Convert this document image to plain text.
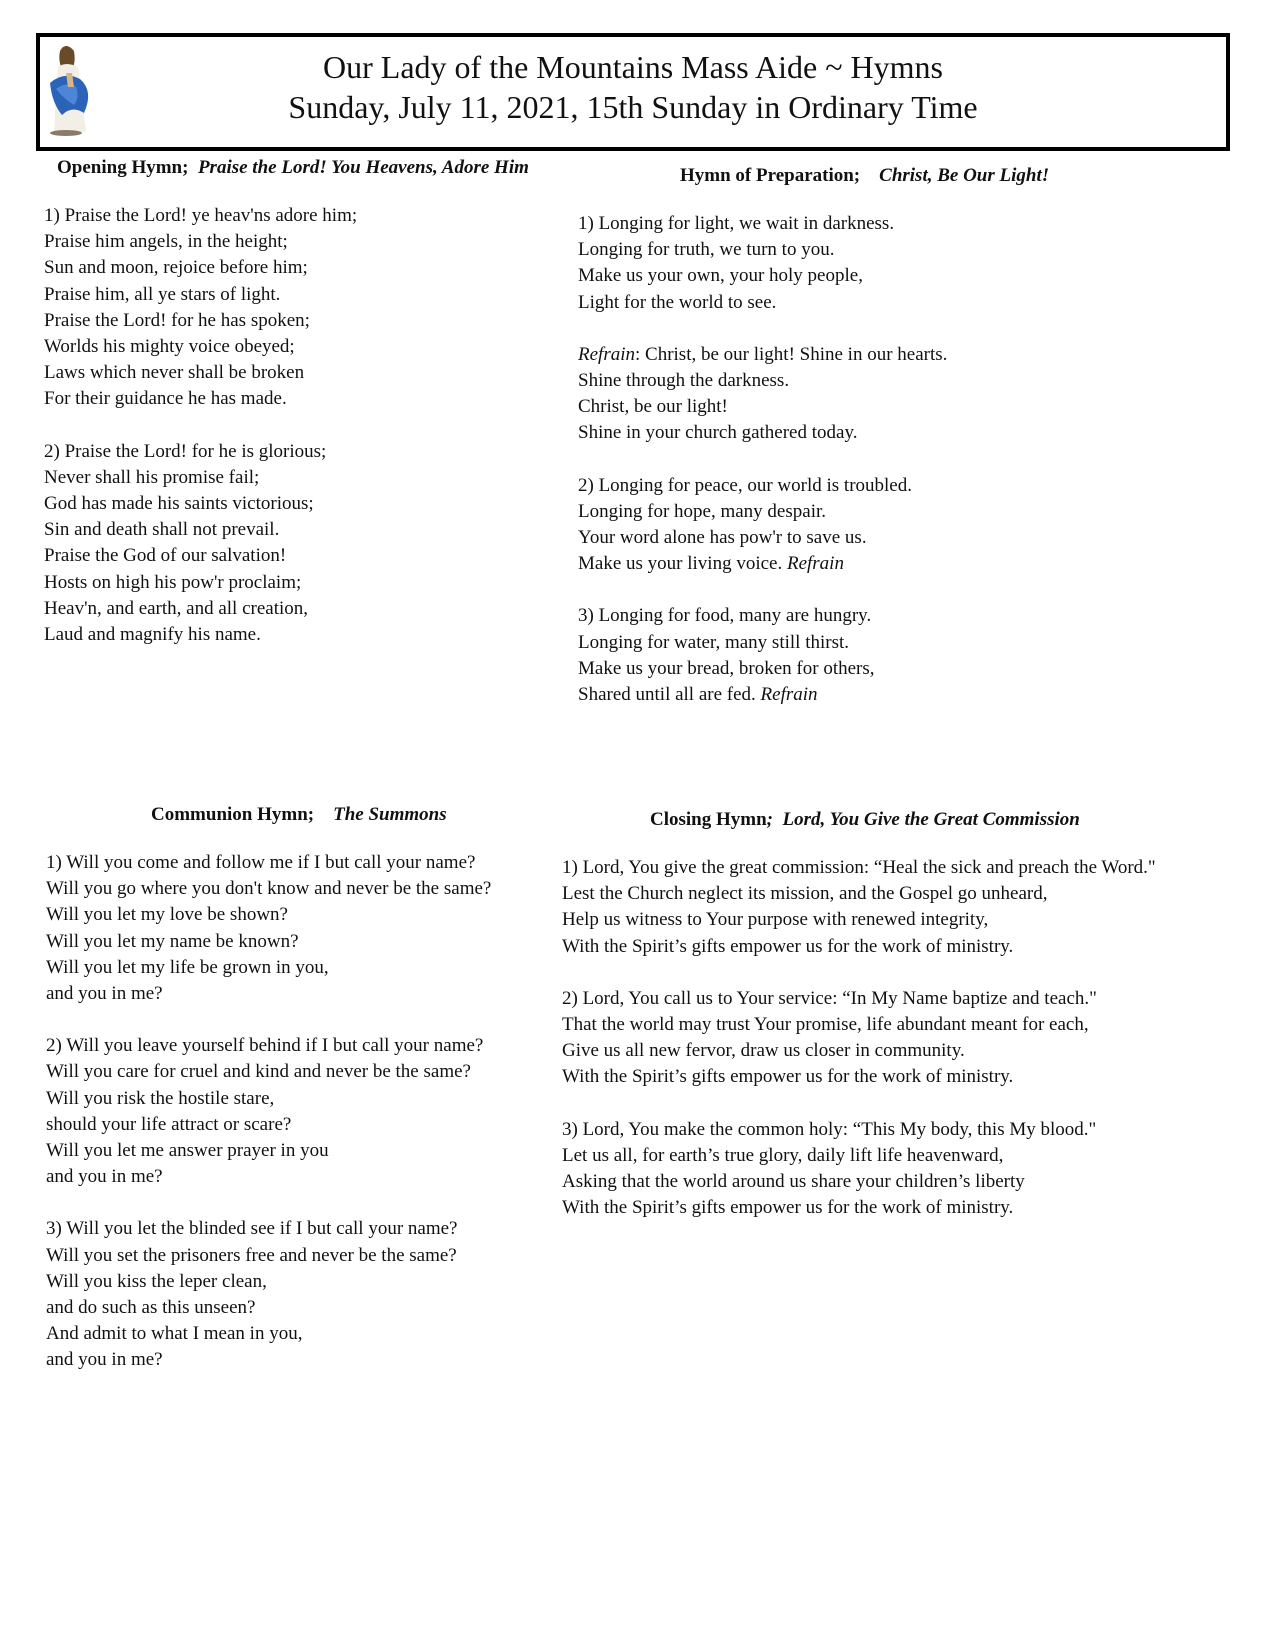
Our Lady of the Mountains Mass Aide ~ Hymns
Sunday, July 11, 2021, 15th Sunday in Ordinary Time
Opening Hymn; Praise the Lord! You Heavens, Adore Him
1) Praise the Lord! ye heav'ns adore him;
Praise him angels, in the height;
Sun and moon, rejoice before him;
Praise him, all ye stars of light.
Praise the Lord! for he has spoken;
Worlds his mighty voice obeyed;
Laws which never shall be broken
For their guidance he has made.
2) Praise the Lord! for he is glorious;
Never shall his promise fail;
God has made his saints victorious;
Sin and death shall not prevail.
Praise the God of our salvation!
Hosts on high his pow'r proclaim;
Heav'n, and earth, and all creation,
Laud and magnify his name.
Hymn of Preparation; Christ, Be Our Light!
1) Longing for light, we wait in darkness.
Longing for truth, we turn to you.
Make us your own, your holy people,
Light for the world to see.
Refrain: Christ, be our light! Shine in our hearts.
Shine through the darkness.
Christ, be our light!
Shine in your church gathered today.
2) Longing for peace, our world is troubled.
Longing for hope, many despair.
Your word alone has pow'r to save us.
Make us your living voice. Refrain
3) Longing for food, many are hungry.
Longing for water, many still thirst.
Make us your bread, broken for others,
Shared until all are fed. Refrain
Communion Hymn; The Summons
1) Will you come and follow me if I but call your name?
Will you go where you don't know and never be the same?
Will you let my love be shown?
Will you let my name be known?
Will you let my life be grown in you,
and you in me?
2) Will you leave yourself behind if I but call your name?
Will you care for cruel and kind and never be the same?
Will you risk the hostile stare,
should your life attract or scare?
Will you let me answer prayer in you
and you in me?
3) Will you let the blinded see if I but call your name?
Will you set the prisoners free and never be the same?
Will you kiss the leper clean,
and do such as this unseen?
And admit to what I mean in you,
and you in me?
Closing Hymn; Lord, You Give the Great Commission
1) Lord, You give the great commission: “Heal the sick and preach the Word."
Lest the Church neglect its mission, and the Gospel go unheard,
Help us witness to Your purpose with renewed integrity,
With the Spirit’s gifts empower us for the work of ministry.
2) Lord, You call us to Your service: “In My Name baptize and teach."
That the world may trust Your promise, life abundant meant for each,
Give us all new fervor, draw us closer in community.
With the Spirit’s gifts empower us for the work of ministry.
3) Lord, You make the common holy: “This My body, this My blood."
Let us all, for earth’s true glory, daily lift life heavenward,
Asking that the world around us share your children’s liberty
With the Spirit’s gifts empower us for the work of ministry.
